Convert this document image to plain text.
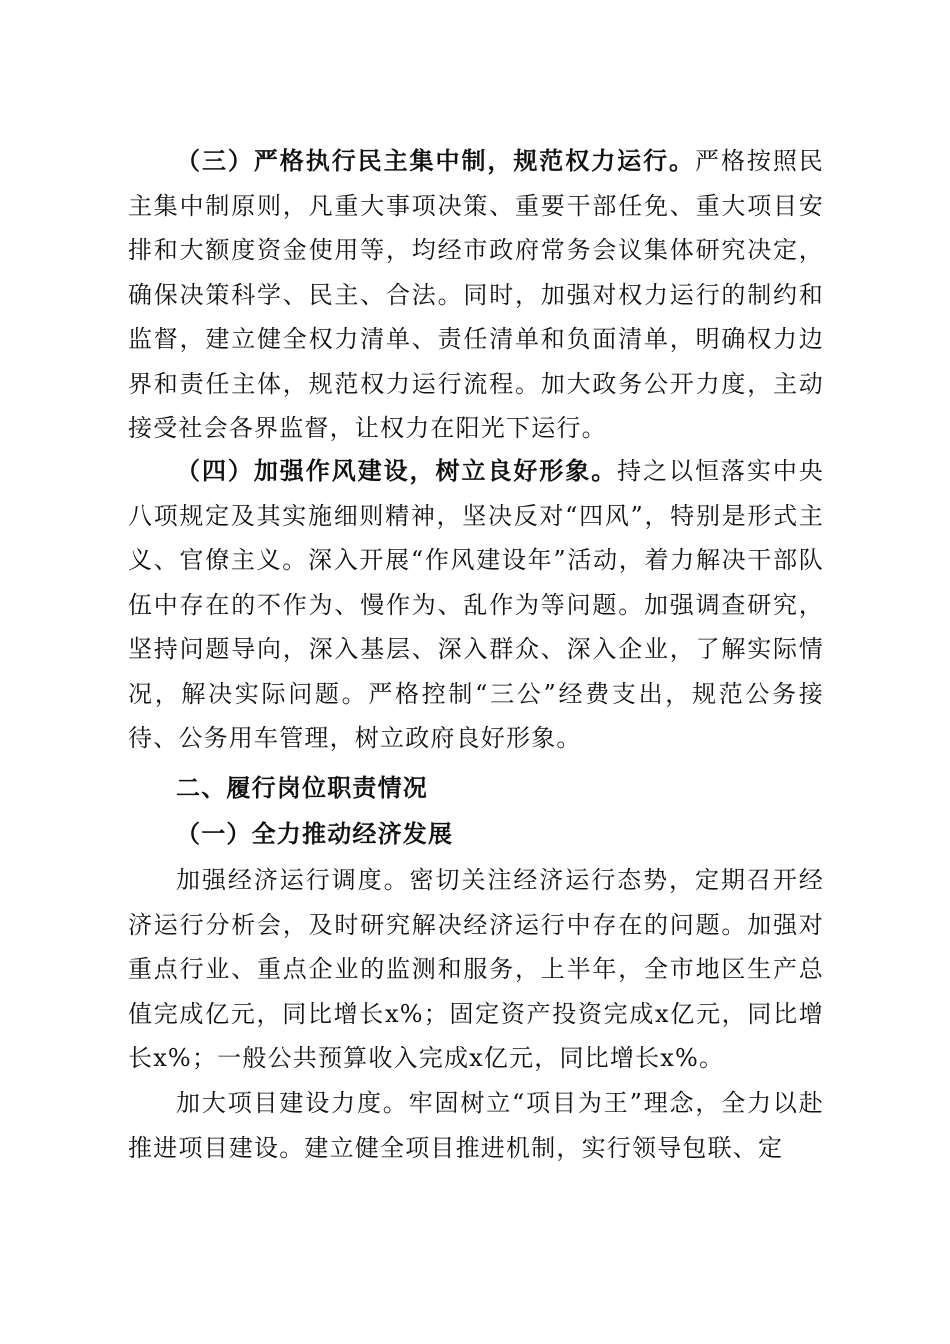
（三）严格执行民主集中制，规范权力运行。严格按照民主集中制原则，凡重大事项决策、重要干部任免、重大项目安排和大额度资金使用等，均经市政府常务会议集体研究决定，确保决策科学、民主、合法。同时，加强对权力运行的制约和监督，建立健全权力清单、责任清单和负面清单，明确权力边界和责任主体，规范权力运行流程。加大政务公开力度，主动接受社会各界监督，让权力在阳光下运行。

（四）加强作风建设，树立良好形象。持之以恒落实中央八项规定及其实施细则精神，坚决反对“四风”，特别是形式主义、官僚主义。深入开展“作风建设年”活动，着力解决干部队伍中存在的不作为、慢作为、乱作为等问题。加强调查研究，坚持问题导向，深入基层、深入群众、深入企业，了解实际情况，解决实际问题。严格控制“三公”经费支出，规范公务接待、公务用车管理，树立政府良好形象。

二、履行岗位职责情况

（一）全力推动经济发展

加强经济运行调度。密切关注经济运行态势，定期召开经济运行分析会，及时研究解决经济运行中存在的问题。加强对重点行业、重点企业的监测和服务，上半年，全市地区生产总值完成亿元，同比增长x%；固定资产投资完成x亿元，同比增长x%；一般公共预算收入完成x亿元，同比增长x%。

加大项目建设力度。牢固树立“项目为王”理念，全力以赴推进项目建设。建立健全项目推进机制，实行领导包联、定
